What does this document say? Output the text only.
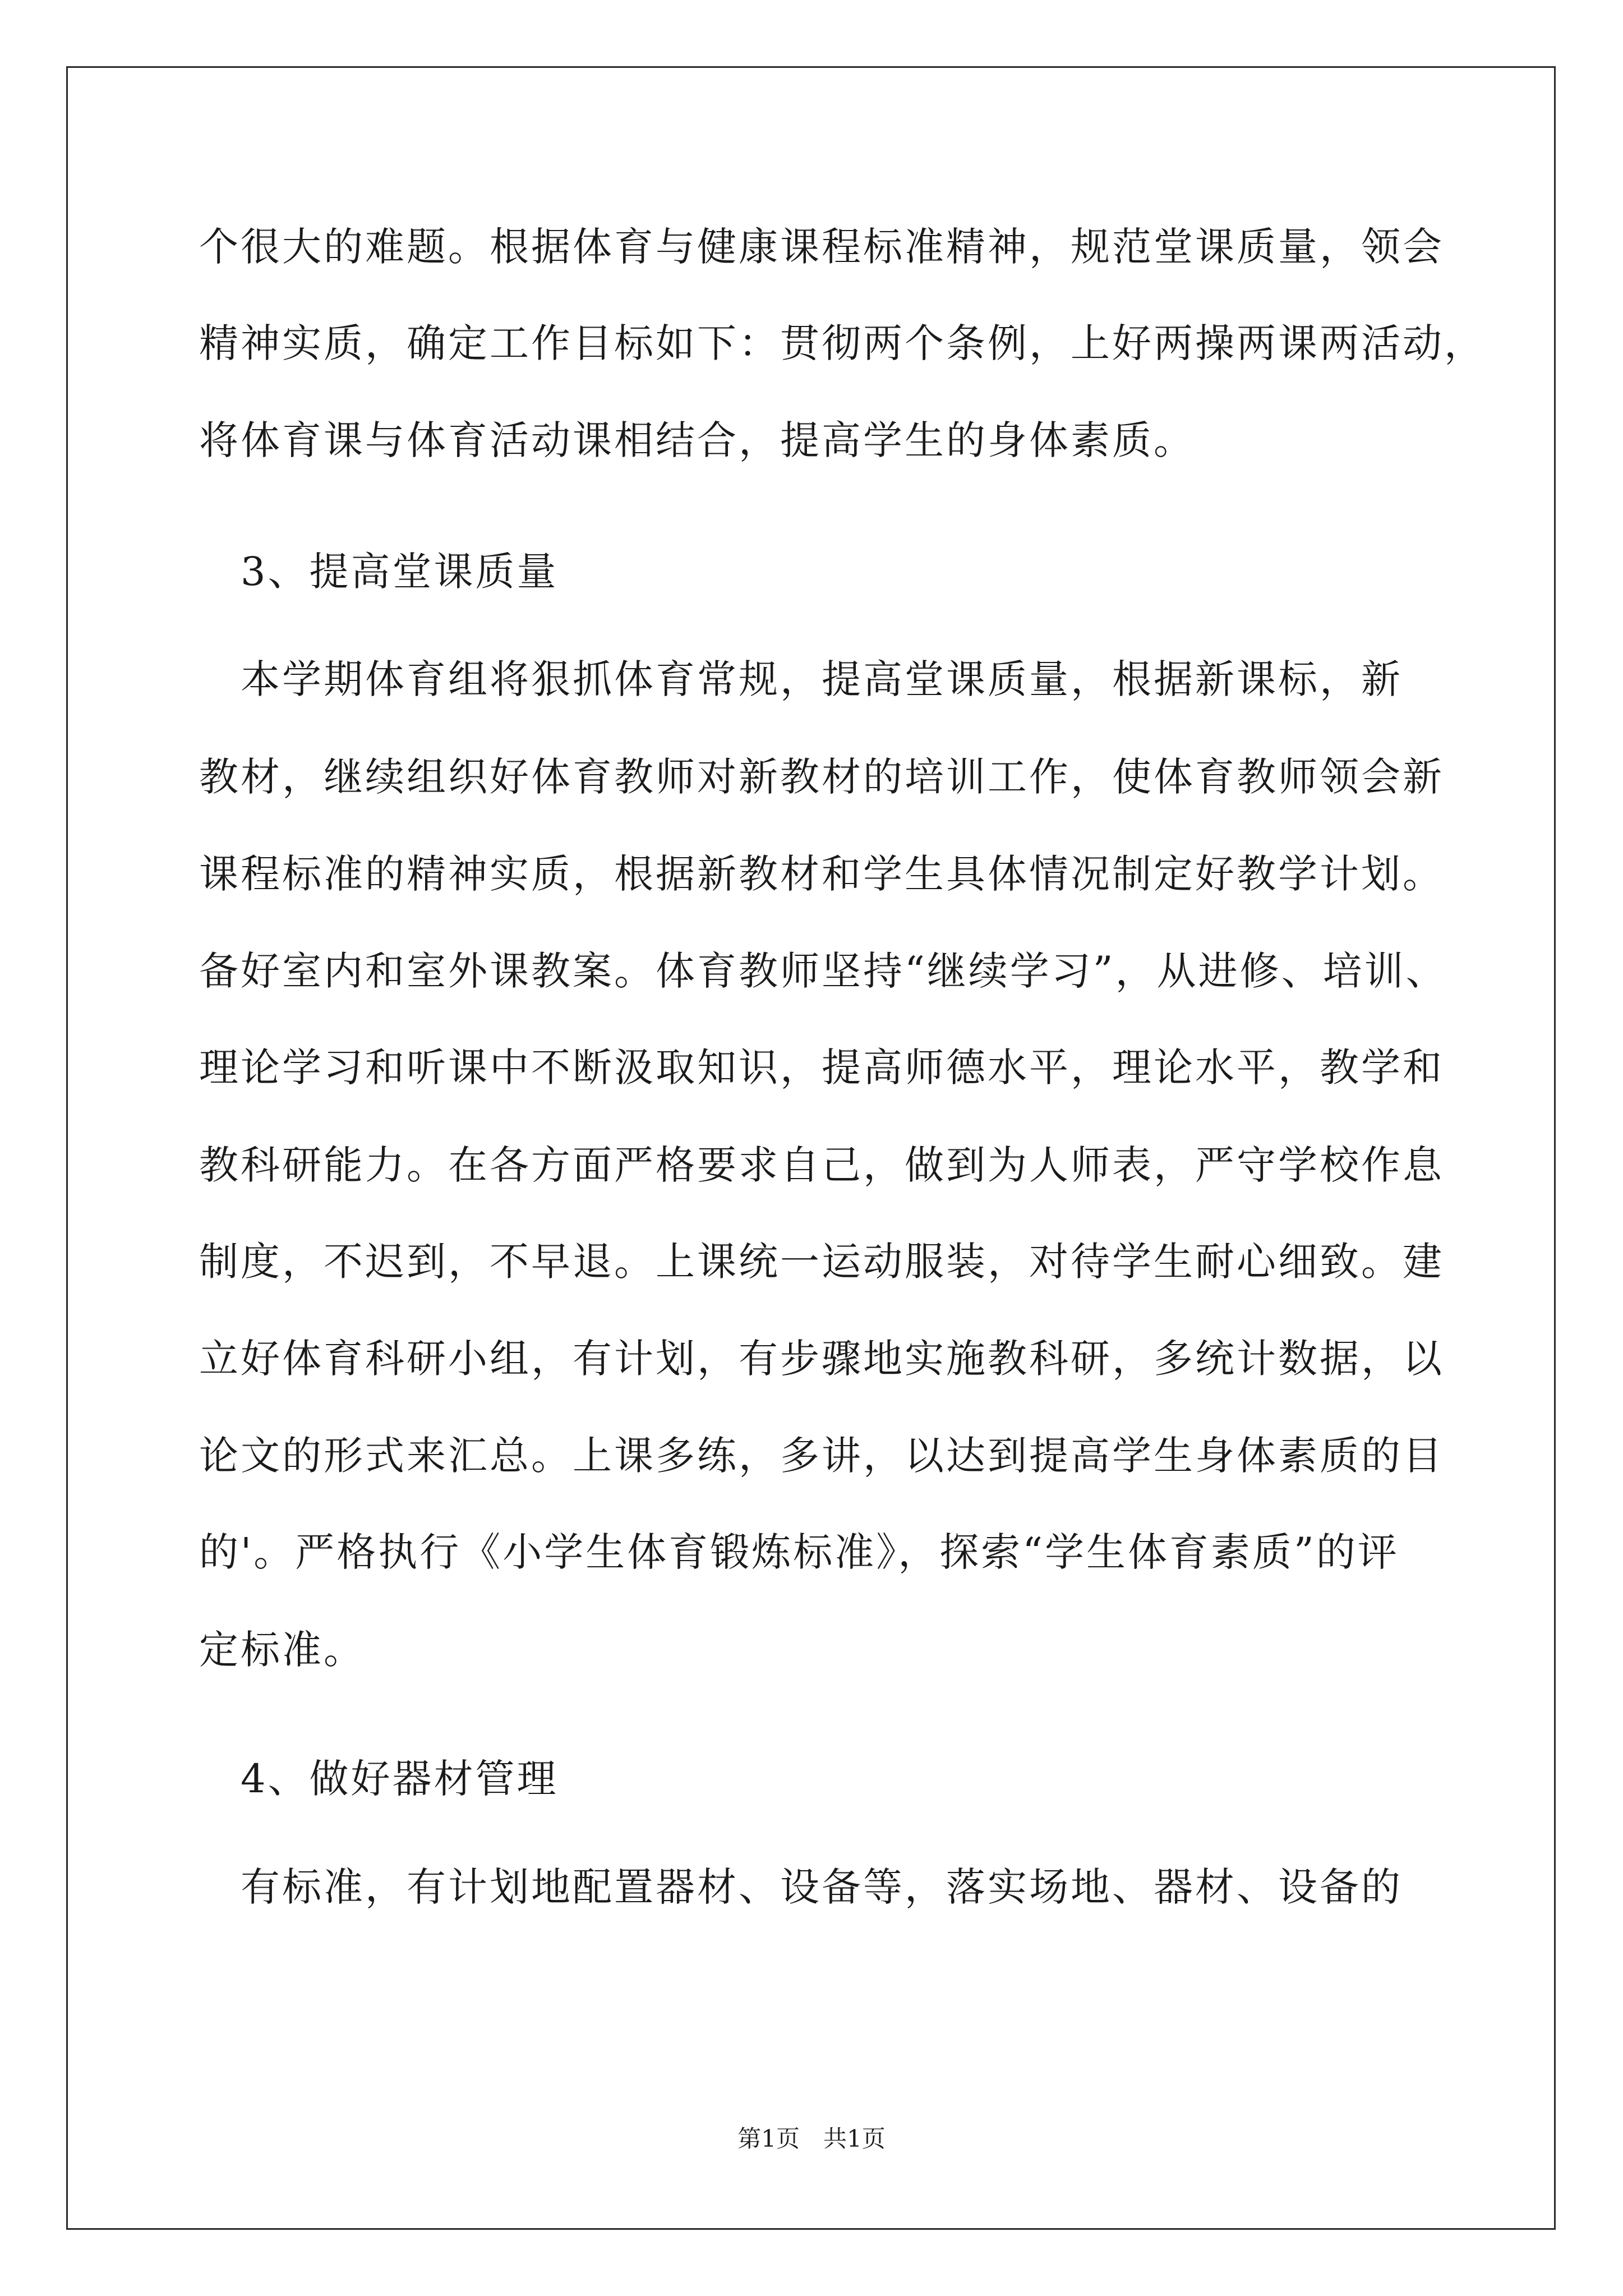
个很大的难题。根据体育与健康课程标准精神，规范堂课质量，领会
精神实质，确定工作目标如下：贯彻两个条例，上好两操两课两活动，
将体育课与体育活动课相结合，提高学生的身体素质。
　3、提高堂课质量
　本学期体育组将狠抓体育常规，提高堂课质量，根据新课标，新
教材，继续组织好体育教师对新教材的培训工作，使体育教师领会新
课程标准的精神实质，根据新教材和学生具体情况制定好教学计划。
备好室内和室外课教案。体育教师坚持“继续学习”，从进修、培训、
理论学习和听课中不断汲取知识，提高师德水平，理论水平，教学和
教科研能力。在各方面严格要求自己，做到为人师表，严守学校作息
制度，不迟到，不早退。上课统一运动服装，对待学生耐心细致。建
立好体育科研小组，有计划，有步骤地实施教科研，多统计数据，以
论文的形式来汇总。上课多练，多讲，以达到提高学生身体素质的目
的'。严格执行《小学生体育锻炼标准》，探索“学生体育素质”的评
定标准。
　4、做好器材管理
　有标准，有计划地配置器材、设备等，落实场地、器材、设备的
第1页　共1页
